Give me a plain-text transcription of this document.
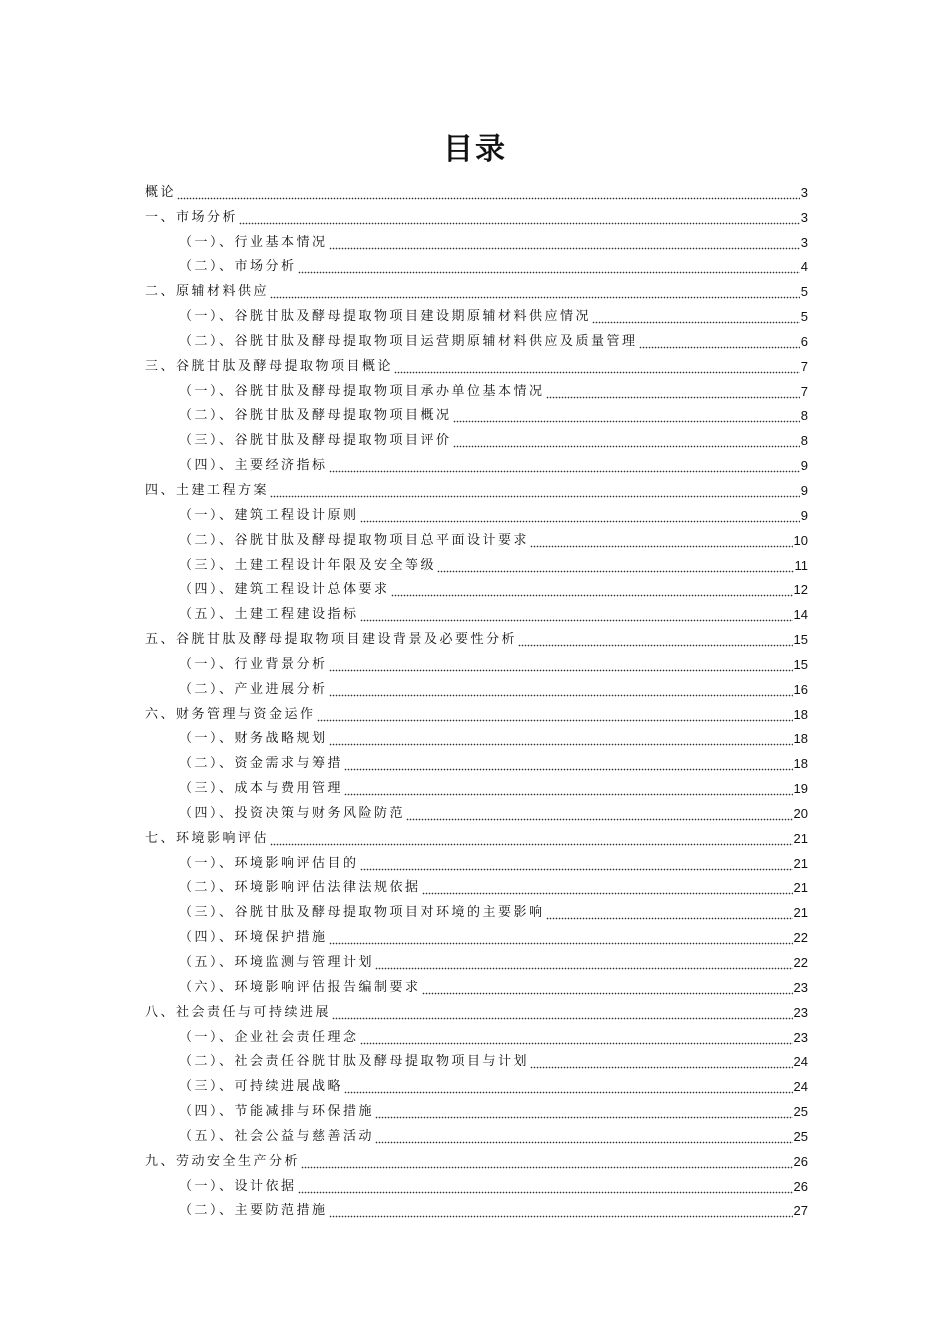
目录
概论	3
一、市场分析	3
（一）、行业基本情况	3
（二）、市场分析	4
二、原辅材料供应	5
（一）、谷胱甘肽及酵母提取物项目建设期原辅材料供应情况	5
（二）、谷胱甘肽及酵母提取物项目运营期原辅材料供应及质量管理	6
三、谷胱甘肽及酵母提取物项目概论	7
（一）、谷胱甘肽及酵母提取物项目承办单位基本情况	7
（二）、谷胱甘肽及酵母提取物项目概况	8
（三）、谷胱甘肽及酵母提取物项目评价	8
（四）、主要经济指标	9
四、土建工程方案	9
（一）、建筑工程设计原则	9
（二）、谷胱甘肽及酵母提取物项目总平面设计要求	10
（三）、土建工程设计年限及安全等级	11
（四）、建筑工程设计总体要求	12
（五）、土建工程建设指标	14
五、谷胱甘肽及酵母提取物项目建设背景及必要性分析	15
（一）、行业背景分析	15
（二）、产业进展分析	16
六、财务管理与资金运作	18
（一）、财务战略规划	18
（二）、资金需求与筹措	18
（三）、成本与费用管理	19
（四）、投资决策与财务风险防范	20
七、环境影响评估	21
（一）、环境影响评估目的	21
（二）、环境影响评估法律法规依据	21
（三）、谷胱甘肽及酵母提取物项目对环境的主要影响	21
（四）、环境保护措施	22
（五）、环境监测与管理计划	22
（六）、环境影响评估报告编制要求	23
八、社会责任与可持续进展	23
（一）、企业社会责任理念	23
（二）、社会责任谷胱甘肽及酵母提取物项目与计划	24
（三）、可持续进展战略	24
（四）、节能减排与环保措施	25
（五）、社会公益与慈善活动	25
九、劳动安全生产分析	26
（一）、设计依据	26
（二）、主要防范措施	27
